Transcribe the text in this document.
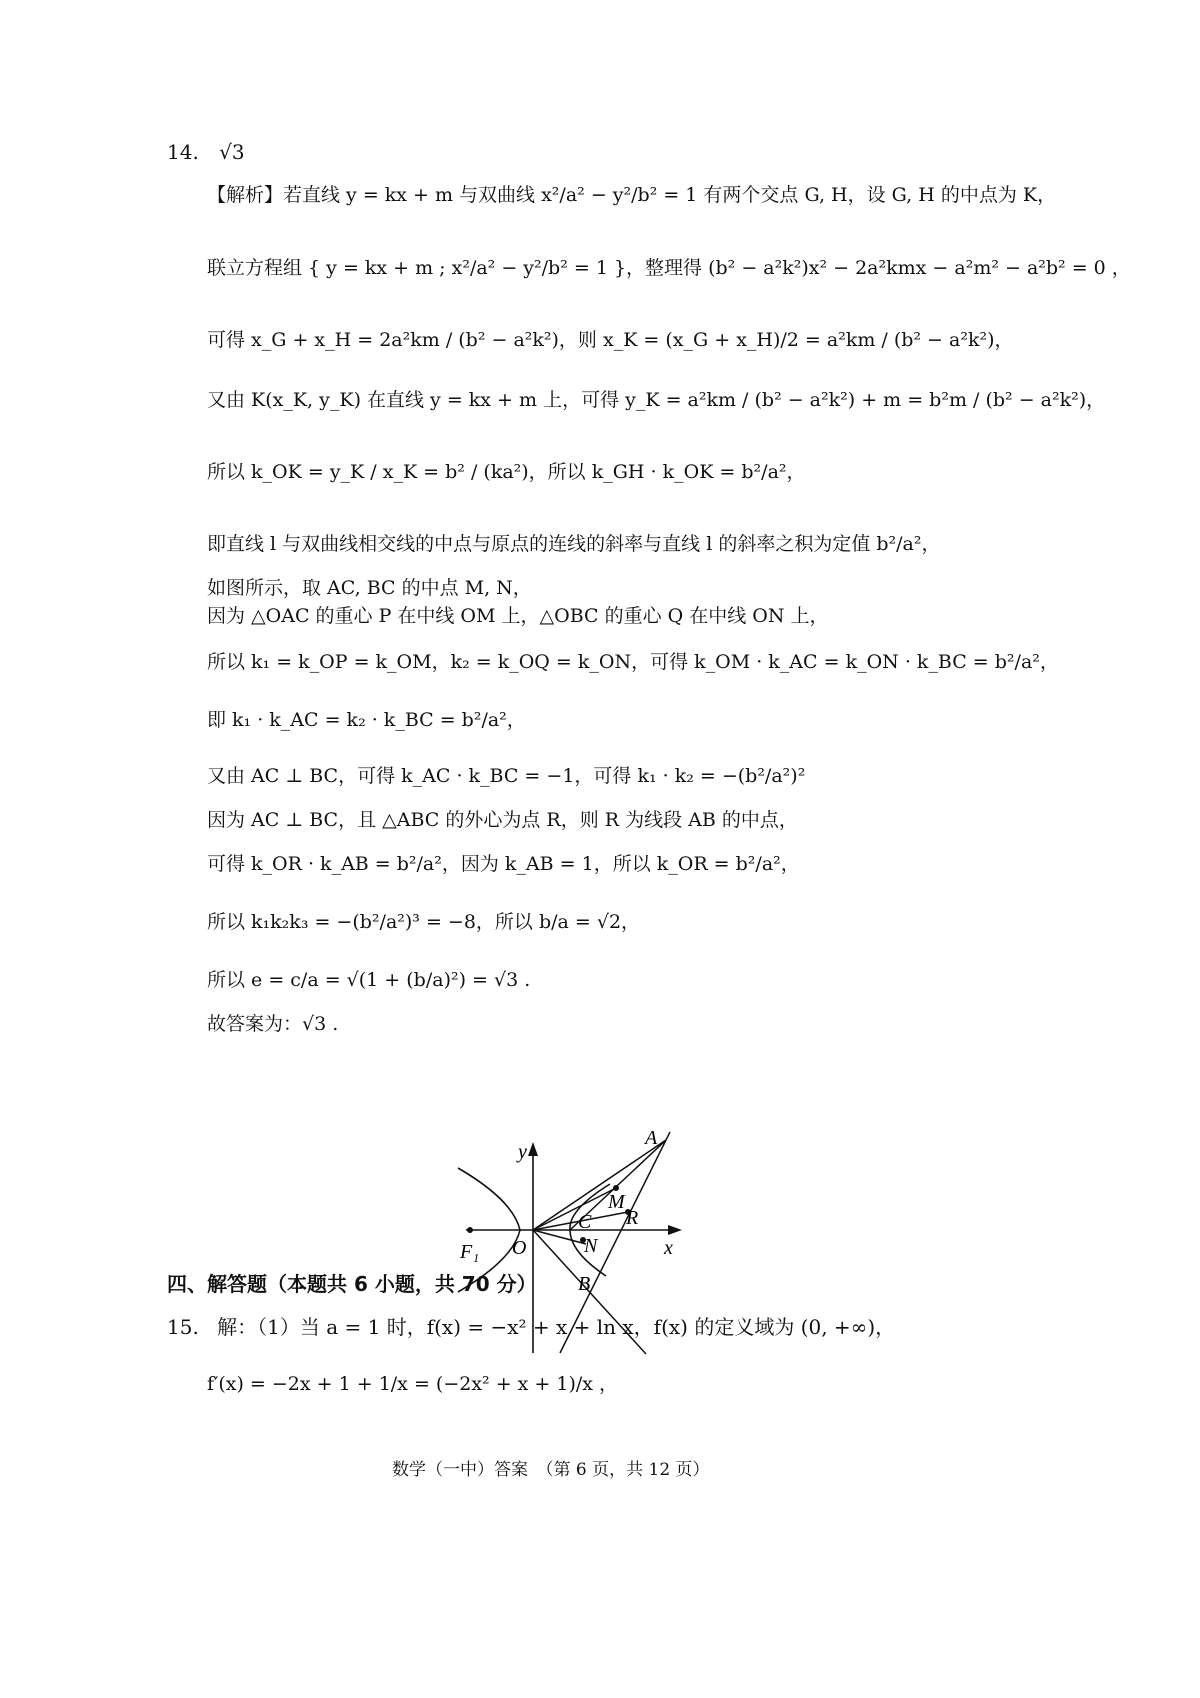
14. √3
【解析】若直线 y = kx + m 与双曲线 x²/a² − y²/b² = 1 有两个交点 G, H，设 G, H 的中点为 K，
联立方程组 { y = kx + m ; x²/a² − y²/b² = 1 }，整理得 (b² − a²k²)x² − 2a²kmx − a²m² − a²b² = 0 ，
可得 x_G + x_H = 2a²km / (b² − a²k²)，则 x_K = (x_G + x_H)/2 = a²km / (b² − a²k²)，
又由 K(x_K, y_K) 在直线 y = kx + m 上，可得 y_K = a²km / (b² − a²k²) + m = b²m / (b² − a²k²)，
所以 k_OK = y_K / x_K = b² / (ka²)，所以 k_GH · k_OK = b²/a²，
即直线 l 与双曲线相交线的中点与原点的连线的斜率与直线 l 的斜率之积为定值 b²/a²，
如图所示，取 AC, BC 的中点 M, N，
因为 △OAC 的重心 P 在中线 OM 上，△OBC 的重心 Q 在中线 ON 上，
所以 k₁ = k_OP = k_OM，k₂ = k_OQ = k_ON，可得 k_OM · k_AC = k_ON · k_BC = b²/a²，
即 k₁ · k_AC = k₂ · k_BC = b²/a²，
又由 AC ⊥ BC，可得 k_AC · k_BC = −1，可得 k₁ · k₂ = −(b²/a²)²
因为 AC ⊥ BC，且 △ABC 的外心为点 R，则 R 为线段 AB 的中点，
可得 k_OR · k_AB = b²/a²，因为 k_AB = 1，所以 k_OR = b²/a²，
所以 k₁k₂k₃ = −(b²/a²)³ = −8，所以 b/a = √2，
所以 e = c/a = √(1 + (b/a)²) = √3 .
故答案为：√3 .
y
x
O
F₁
A
M
R
C
N
B
四、解答题（本题共 6 小题，共 70 分）
15. 解：（1）当 a = 1 时，f(x) = −x² + x + ln x，f(x) 的定义域为 (0, +∞)，
f′(x) = −2x + 1 + 1/x = (−2x² + x + 1)/x ，
数学（一中）答案　（第 6 页，共 12 页）
